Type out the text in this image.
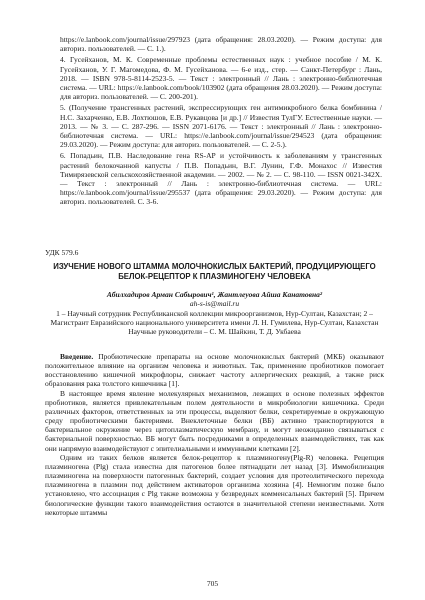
https://e.lanbook.com/journal/issue/297923 (дата обращения: 28.03.2020). — Режим доступа: для авториз. пользователей. — С. 1.).

4. Гусейханов, М. К. Современные проблемы естественных наук : учебное пособие / М. К. Гусейханов, У. Г. Магомедова, Ф. М. Гусейханова. — 6-е изд., стер. — Санкт-Петербург : Лань, 2018. — ISBN 978-5-8114-2523-5. — Текст : электронный // Лань : электронно-библиотечная система. — URL: https://e.lanbook.com/book/103902 (дата обращения 28.03.2020). — Режим доступа: для авториз. пользователей. — С. 200-201).

5. (Получение трансгенных растений, экспрессирующих ген антимикробного белка бомбинина / Н.С. Захарченко, Е.В. Лохтюшов, Е.В. Рукавцова [и др.] // Известия ТулГУ. Естественные науки. — 2013. — № 3. — С. 287-296. — ISSN 2071-6176. — Текст : электронный // Лань : электронно-библиотечная система. — URL: https://e.lanbook.com/journal/issue/294523 (дата обращения: 29.03.2020). — Режим доступа: для авториз. пользователей. — С. 2-5.).

6. Попадьин, П.В. Наследование гена RS-AP и устойчивость к заболеваниям у трансгенных растений белокочанной капусты / П.В. Попадьин, В.Г. Лунин, Г.Ф. Монахос // Известия Тимирязевской сельскохозяйственной академии. — 2002. — № 2. — С. 98-110. — ISSN 0021-342X. — Текст : электронный // Лань : электронно-библиотечная система. — URL: https://e.lanbook.com/journal/issue/295537 (дата обращения: 29.03.2020). — Режим доступа: для авториз. пользователей. С. 3-6.

УДК 579.6
ИЗУЧЕНИЕ НОВОГО ШТАММА МОЛОЧНОКИСЛЫХ БАКТЕРИЙ, ПРОДУЦИРУЮЩЕГО БЕЛОК-РЕЦЕПТОР К ПЛАЗМИНОГЕНУ ЧЕЛОВЕКА
Абилхадиров Арман Сабырович¹, Жантлеуова Айша Канатовна²
ah-s-is@mail.ru
1 – Научный сотрудник Республиканской коллекции микроорганизмов, Нур-Султан, Казахстан; 2 – Магистрант Евразийского национального университета имени Л. Н. Гумилева, Нур-Султан, Казахстан
Научные руководители – С. М. Шайкин, Т. Д. Укбаева

Введение. Пробиотические препараты на основе молочнокислых бактерий (МКБ) оказывают положительное влияние на организм человека и животных. Так, применение пробиотиков помогает восстановлению кишечной микрофлоры, снижает частоту аллергических реакций, а также риск образования рака толстого кишечника [1].

В настоящее время явление молекулярных механизмов, лежащих в основе полезных эффектов пробиотиков, является привлекательным полем деятельности в микробиологии кишечника. Среди различных факторов, ответственных за эти процессы, выделяют белки, секретируемые в окружающую среду пробиотическими бактериями. Внеклеточные белки (ВБ) активно транспортируются в бактериальное окружение через цитоплазматическую мембрану, и могут неожиданно связываться с бактериальной поверхностью. ВБ могут быть посредниками в определенных взаимодействиях, так как они напрямую взаимодействуют с эпителиальными и иммунными клетками [2].

Одним из таких белков является белок-рецептор к плазминогену(Plg-R) человека. Рецепция плазминогена (Plg) стала известна для патогенов более пятнадцати лет назад [3]. Иммобилизация плазминогена на поверхности патогенных бактерий, создает условия для протеолитического перехода плазминогена в плазмин под действием активаторов организма хозяина [4]. Немногим позже было установлено, что ассоциация с Plg также возможна у безвредных комменсальных бактерий [5]. Причем биологические функции такого взаимодействия остаются в значительной степени неизвестными. Хотя некоторые штаммы

705
